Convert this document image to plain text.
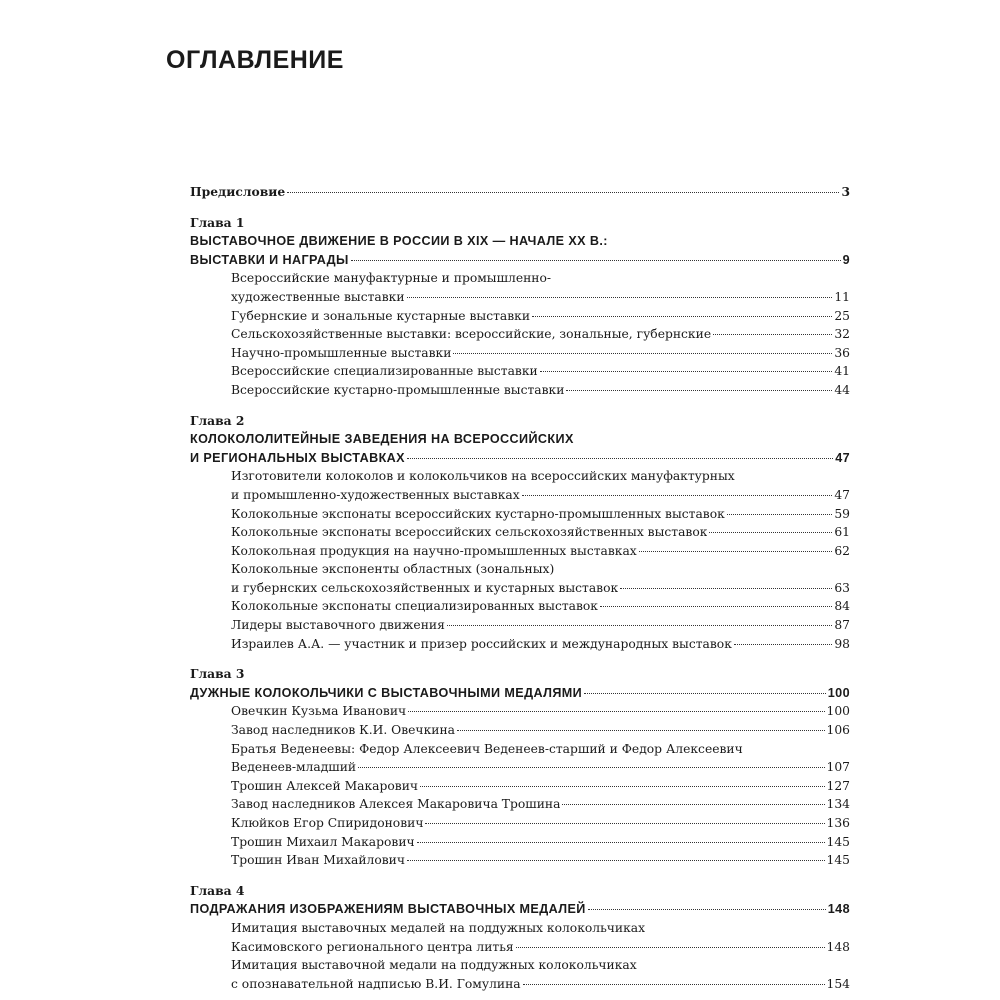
ОГЛАВЛЕНИЕ
Предисловие	3
Глава 1
ВЫСТАВОЧНОЕ ДВИЖЕНИЕ В РОССИИ В XIX — НАЧАЛЕ XX В.:
ВЫСТАВКИ И НАГРАДЫ	9
Всероссийские мануфактурные и промышленно-
художественные выставки	11
Губернские и зональные кустарные выставки	25
Сельскохозяйственные выставки: всероссийские, зональные, губернские	32
Научно-промышленные выставки	36
Всероссийские специализированные выставки	41
Всероссийские кустарно-промышленные выставки	44
Глава 2
КОЛОКОЛОЛИТЕЙНЫЕ ЗАВЕДЕНИЯ НА ВСЕРОССИЙСКИХ
И РЕГИОНАЛЬНЫХ ВЫСТАВКАХ	47
Изготовители колоколов и колокольчиков на всероссийских мануфактурных
и промышленно-художественных выставках	47
Колокольные экспонаты всероссийских кустарно-промышленных выставок	59
Колокольные экспонаты всероссийских сельскохозяйственных выставок	61
Колокольная продукция на научно-промышленных выставках	62
Колокольные экспоненты областных (зональных)
и губернских сельскохозяйственных и кустарных выставок	63
Колокольные экспонаты специализированных выставок	84
Лидеры выставочного движения	87
Израилев А.А. — участник и призер российских и международных выставок	98
Глава 3
ДУЖНЫЕ КОЛОКОЛЬЧИКИ С ВЫСТАВОЧНЫМИ МЕДАЛЯМИ	100
Овечкин Кузьма Иванович	100
Завод наследников К.И. Овечкина	106
Братья Веденеевы: Федор Алексеевич Веденеев-старший и Федор Алексеевич
Веденеев-младший	107
Трошин Алексей Макарович	127
Завод наследников Алексея Макаровича Трошина	134
Клюйков Егор Спиридонович	136
Трошин Михаил Макарович	145
Трошин Иван Михайлович	145
Глава 4
ПОДРАЖАНИЯ ИЗОБРАЖЕНИЯМ ВЫСТАВОЧНЫХ МЕДАЛЕЙ	148
Имитация выставочных медалей на поддужных колокольчиках
Касимовского регионального центра литья	148
Имитация выставочной медали на поддужных колокольчиках
с опознавательной надписью В.И. Гомулина	154
